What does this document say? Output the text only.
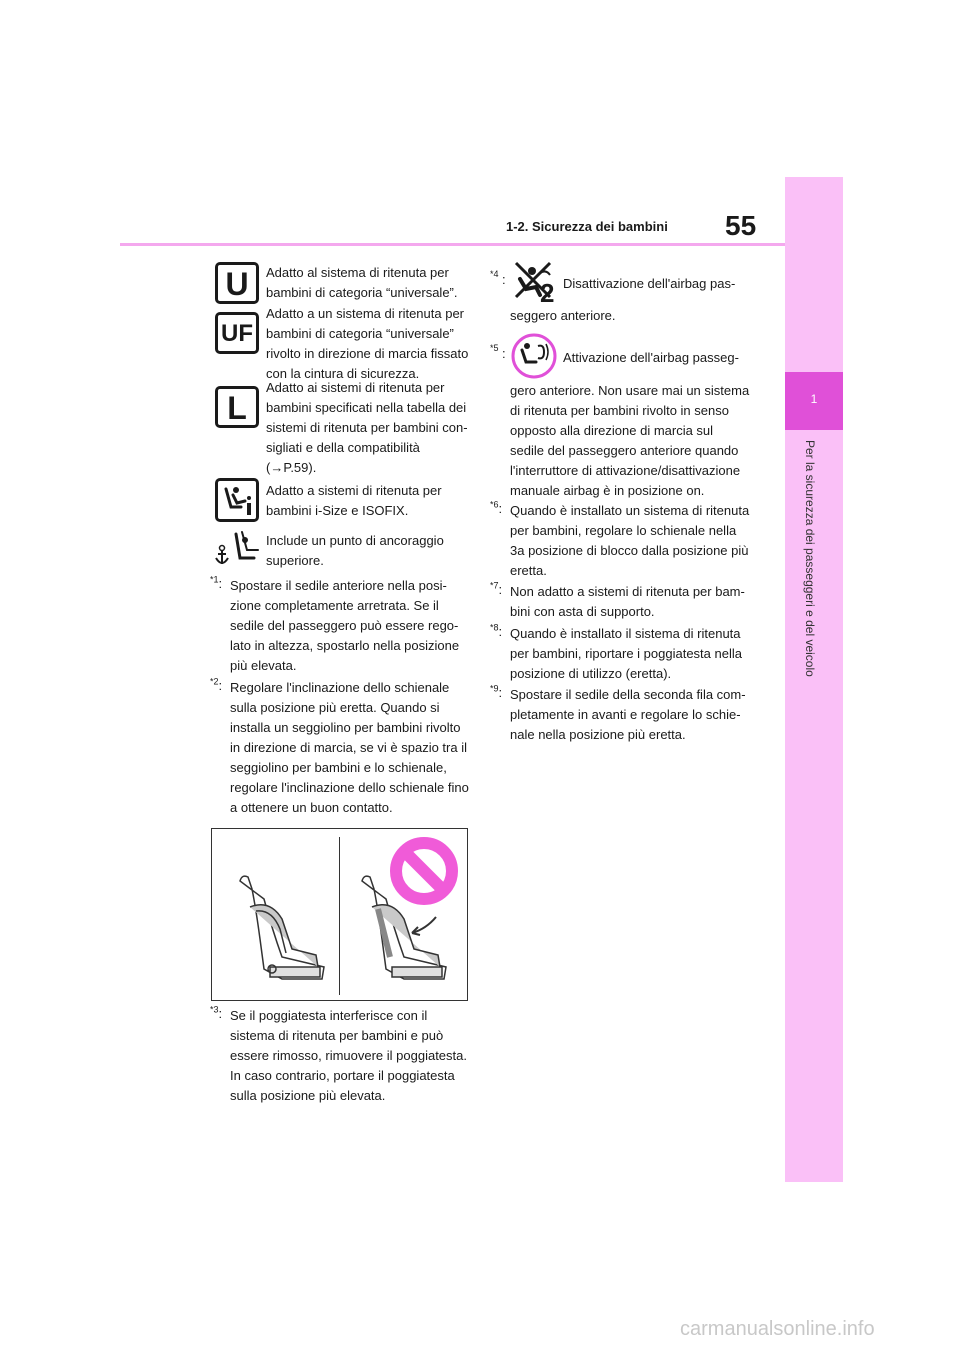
1-2. Sicurezza dei bambini 55
1
Per la sicurezza dei passeggeri e del veicolo
U	Adatto al sistema di ritenuta per
bambini di categoria “universale”.
UF
Adatto a un sistema di ritenuta per
bambini di categoria “universale”
rivolto in direzione di marcia fissato
con la cintura di sicurezza.
L
Adatto ai sistemi di ritenuta per
bambini specificati nella tabella dei
sistemi di ritenuta per bambini con-
sigliati e della compatibilità
(→P.59).
Adatto a sistemi di ritenuta per
bambini i-Size e ISOFIX.
Include un punto di ancoraggio
superiore.
$^{*1}$: Spostare il sedile anteriore nella posi-
zione completamente arretrata. Se il
sedile del passeggero può essere rego-
lato in altezza, spostarlo nella posizione
più elevata.
$^{*2}$: Regolare l'inclinazione dello schienale
sulla posizione più eretta. Quando si
installa un seggiolino per bambini rivolto
in direzione di marcia, se vi è spazio tra il
seggiolino per bambini e lo schienale,
regolare l'inclinazione dello schienale fino
a ottenere un buon contatto.
$^{*3}$: Se il poggiatesta interferisce con il
sistema di ritenuta per bambini e può
essere rimosso, rimuovere il poggiatesta.
In caso contrario, portare il poggiatesta
sulla posizione più elevata.
*4 : 2 Disattivazione dell'airbag pas-
seggero anteriore.
*5 :	Attivazione dell'airbag passeg-
gero anteriore. Non usare mai un sistema
di ritenuta per bambini rivolto in senso
opposto alla direzione di marcia sul
sedile del passeggero anteriore quando
l'interruttore di attivazione/disattivazione
manuale airbag è in posizione on.
$^{*6}$: Quando è installato un sistema di ritenuta
per bambini, regolare lo schienale nella
3a posizione di blocco dalla posizione più
eretta.
$^{*7}$: Non adatto a sistemi di ritenuta per bam-
bini con asta di supporto.
$^{*8}$: Quando è installato il sistema di ritenuta
per bambini, riportare i poggiatesta nella
posizione di utilizzo (eretta).
$^{*9}$: Spostare il sedile della seconda fila com-
pletamente in avanti e regolare lo schie-
nale nella posizione più eretta.
carmanualsonline.info
